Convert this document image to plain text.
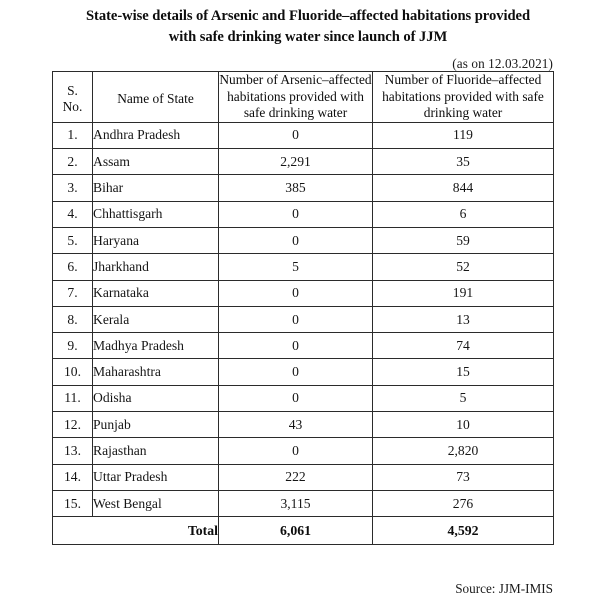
State-wise details of Arsenic and Fluoride–affected habitations provided
with safe drinking water since launch of JJM
(as on 12.03.2021)
S.
No.	Name of State	Number of Arsenic–affected habitations provided with safe drinking water	Number of Fluoride–affected habitations provided with safe drinking water
1.	Andhra Pradesh	0	119
2.	Assam	2,291	35
3.	Bihar	385	844
4.	Chhattisgarh	0	6
5.	Haryana	0	59
6.	Jharkhand	5	52
7.	Karnataka	0	191
8.	Kerala	0	13
9.	Madhya Pradesh	0	74
10.	Maharashtra	0	15
11.	Odisha	0	5
12.	Punjab	43	10
13.	Rajasthan	0	2,820
14.	Uttar Pradesh	222	73
15.	West Bengal	3,115	276
Total		6,061	4,592
Source: JJM-IMIS
